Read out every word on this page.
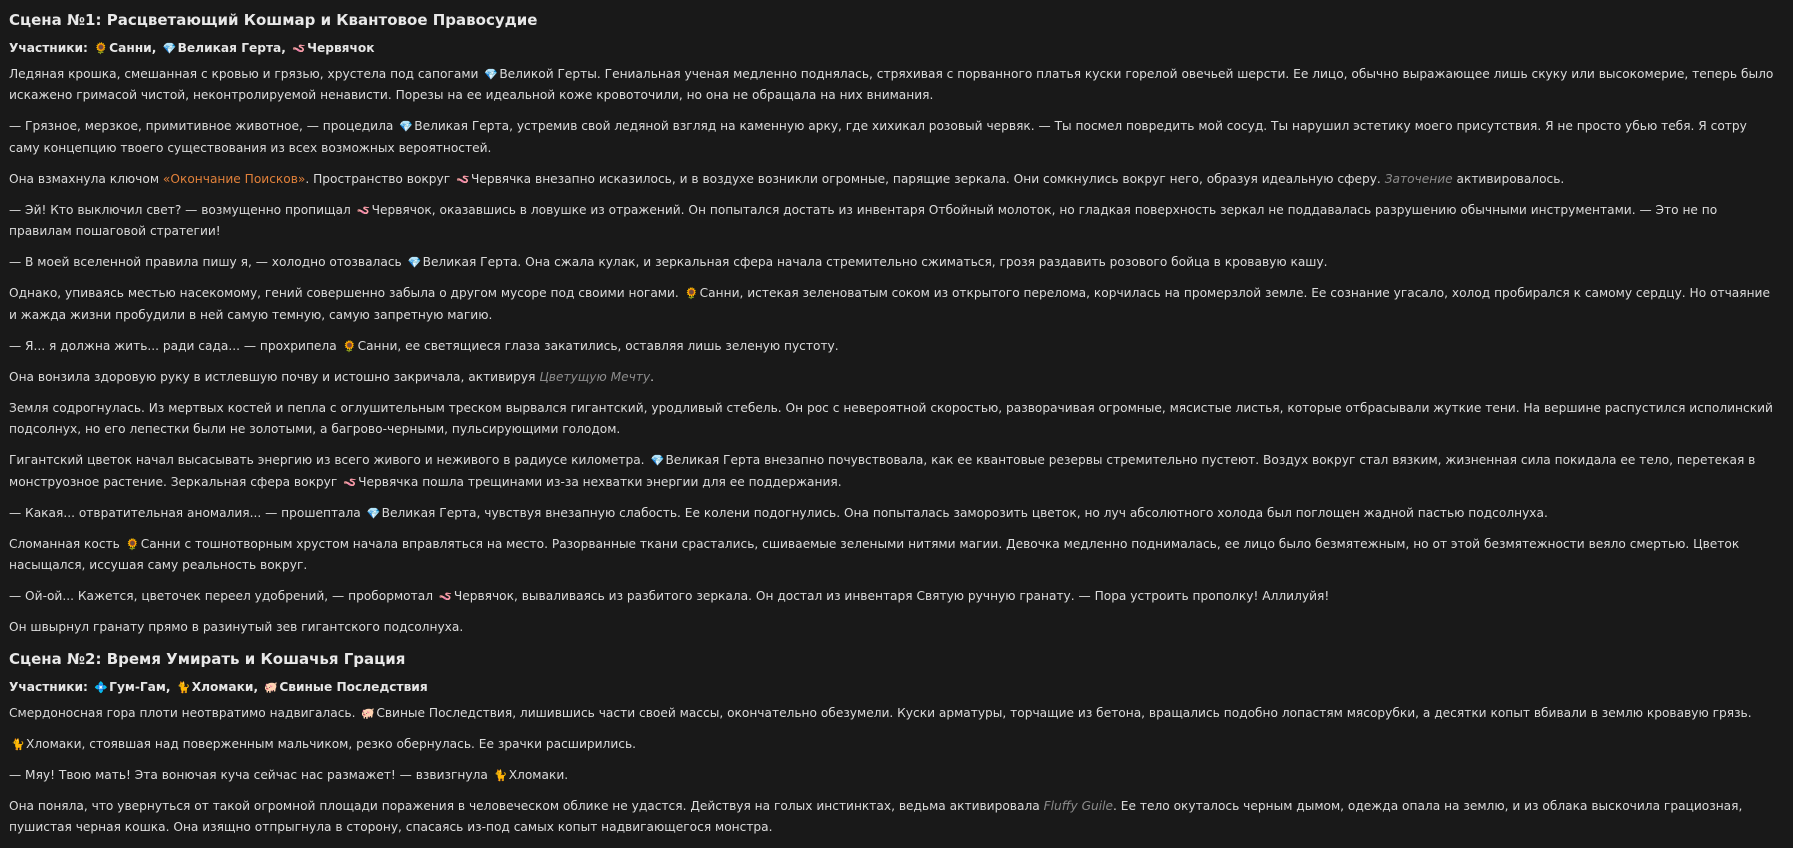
Сцена №1: Расцветающий Кошмар и Квантовое Правосудие
Участники: 🌻Санни, 💎Великая Герта, 🪱Червячок

Ледяная крошка, смешанная с кровью и грязью, хрустела под сапогами 💎Великой Герты. Гениальная ученая медленно поднялась, стряхивая с порванного платья куски горелой овечьей шерсти. Ее лицо, обычно выражающее лишь скуку или высокомерие, теперь было искажено гримасой чистой, неконтролируемой ненависти. Порезы на ее идеальной коже кровоточили, но она не обращала на них внимания.

— Грязное, мерзкое, примитивное животное, — процедила 💎Великая Герта, устремив свой ледяной взгляд на каменную арку, где хихикал розовый червяк. — Ты посмел повредить мой сосуд. Ты нарушил эстетику моего присутствия. Я не просто убью тебя. Я сотру саму концепцию твоего существования из всех возможных вероятностей.

Она взмахнула ключом «Окончание Поисков». Пространство вокруг 🪱Червячка внезапно исказилось, и в воздухе возникли огромные, парящие зеркала. Они сомкнулись вокруг него, образуя идеальную сферу. Заточение активировалось.

— Эй! Кто выключил свет? — возмущенно пропищал 🪱Червячок, оказавшись в ловушке из отражений. Он попытался достать из инвентаря Отбойный молоток, но гладкая поверхность зеркал не поддавалась разрушению обычными инструментами. — Это не по правилам пошаговой стратегии!

— В моей вселенной правила пишу я, — холодно отозвалась 💎Великая Герта. Она сжала кулак, и зеркальная сфера начала стремительно сжиматься, грозя раздавить розового бойца в кровавую кашу.

Однако, упиваясь местью насекомому, гений совершенно забыла о другом мусоре под своими ногами. 🌻Санни, истекая зеленоватым соком из открытого перелома, корчилась на промерзлой земле. Ее сознание угасало, холод пробирался к самому сердцу. Но отчаяние и жажда жизни пробудили в ней самую темную, самую запретную магию.

— Я... я должна жить... ради сада... — прохрипела 🌻Санни, ее светящиеся глаза закатились, оставляя лишь зеленую пустоту.

Она вонзила здоровую руку в истлевшую почву и истошно закричала, активируя Цветущую Мечту.

Земля содрогнулась. Из мертвых костей и пепла с оглушительным треском вырвался гигантский, уродливый стебель. Он рос с невероятной скоростью, разворачивая огромные, мясистые листья, которые отбрасывали жуткие тени. На вершине распустился исполинский подсолнух, но его лепестки были не золотыми, а багрово-черными, пульсирующими голодом.

Гигантский цветок начал высасывать энергию из всего живого и неживого в радиусе километра. 💎Великая Герта внезапно почувствовала, как ее квантовые резервы стремительно пустеют. Воздух вокруг стал вязким, жизненная сила покидала ее тело, перетекая в монструозное растение. Зеркальная сфера вокруг 🪱Червячка пошла трещинами из-за нехватки энергии для ее поддержания.

— Какая... отвратительная аномалия... — прошептала 💎Великая Герта, чувствуя внезапную слабость. Ее колени подогнулись. Она попыталась заморозить цветок, но луч абсолютного холода был поглощен жадной пастью подсолнуха.

Сломанная кость 🌻Санни с тошнотворным хрустом начала вправляться на место. Разорванные ткани срастались, сшиваемые зелеными нитями магии. Девочка медленно поднималась, ее лицо было безмятежным, но от этой безмятежности веяло смертью. Цветок насыщался, иссушая саму реальность вокруг.

— Ой-ой... Кажется, цветочек переел удобрений, — пробормотал 🪱Червячок, вываливаясь из разбитого зеркала. Он достал из инвентаря Святую ручную гранату. — Пора устроить прополку! Аллилуйя!

Он швырнул гранату прямо в разинутый зев гигантского подсолнуха.

Сцена №2: Время Умирать и Кошачья Грация
Участники: 💠Гум-Гам, 🐈Хломаки, 🐖Свиные Последствия

Смердоносная гора плоти неотвратимо надвигалась. 🐖Свиные Последствия, лишившись части своей массы, окончательно обезумели. Куски арматуры, торчащие из бетона, вращались подобно лопастям мясорубки, а десятки копыт вбивали в землю кровавую грязь.

🐈Хломаки, стоявшая над поверженным мальчиком, резко обернулась. Ее зрачки расширились.

— Мяу! Твою мать! Эта вонючая куча сейчас нас размажет! — взвизгнула 🐈Хломаки.

Она поняла, что увернуться от такой огромной площади поражения в человеческом облике не удастся. Действуя на голых инстинктах, ведьма активировала Fluffy Guile. Ее тело окуталось черным дымом, одежда опала на землю, и из облака выскочила грациозная, пушистая черная кошка. Она изящно отпрыгнула в сторону, спасаясь из-под самых копыт надвигающегося монстра.
